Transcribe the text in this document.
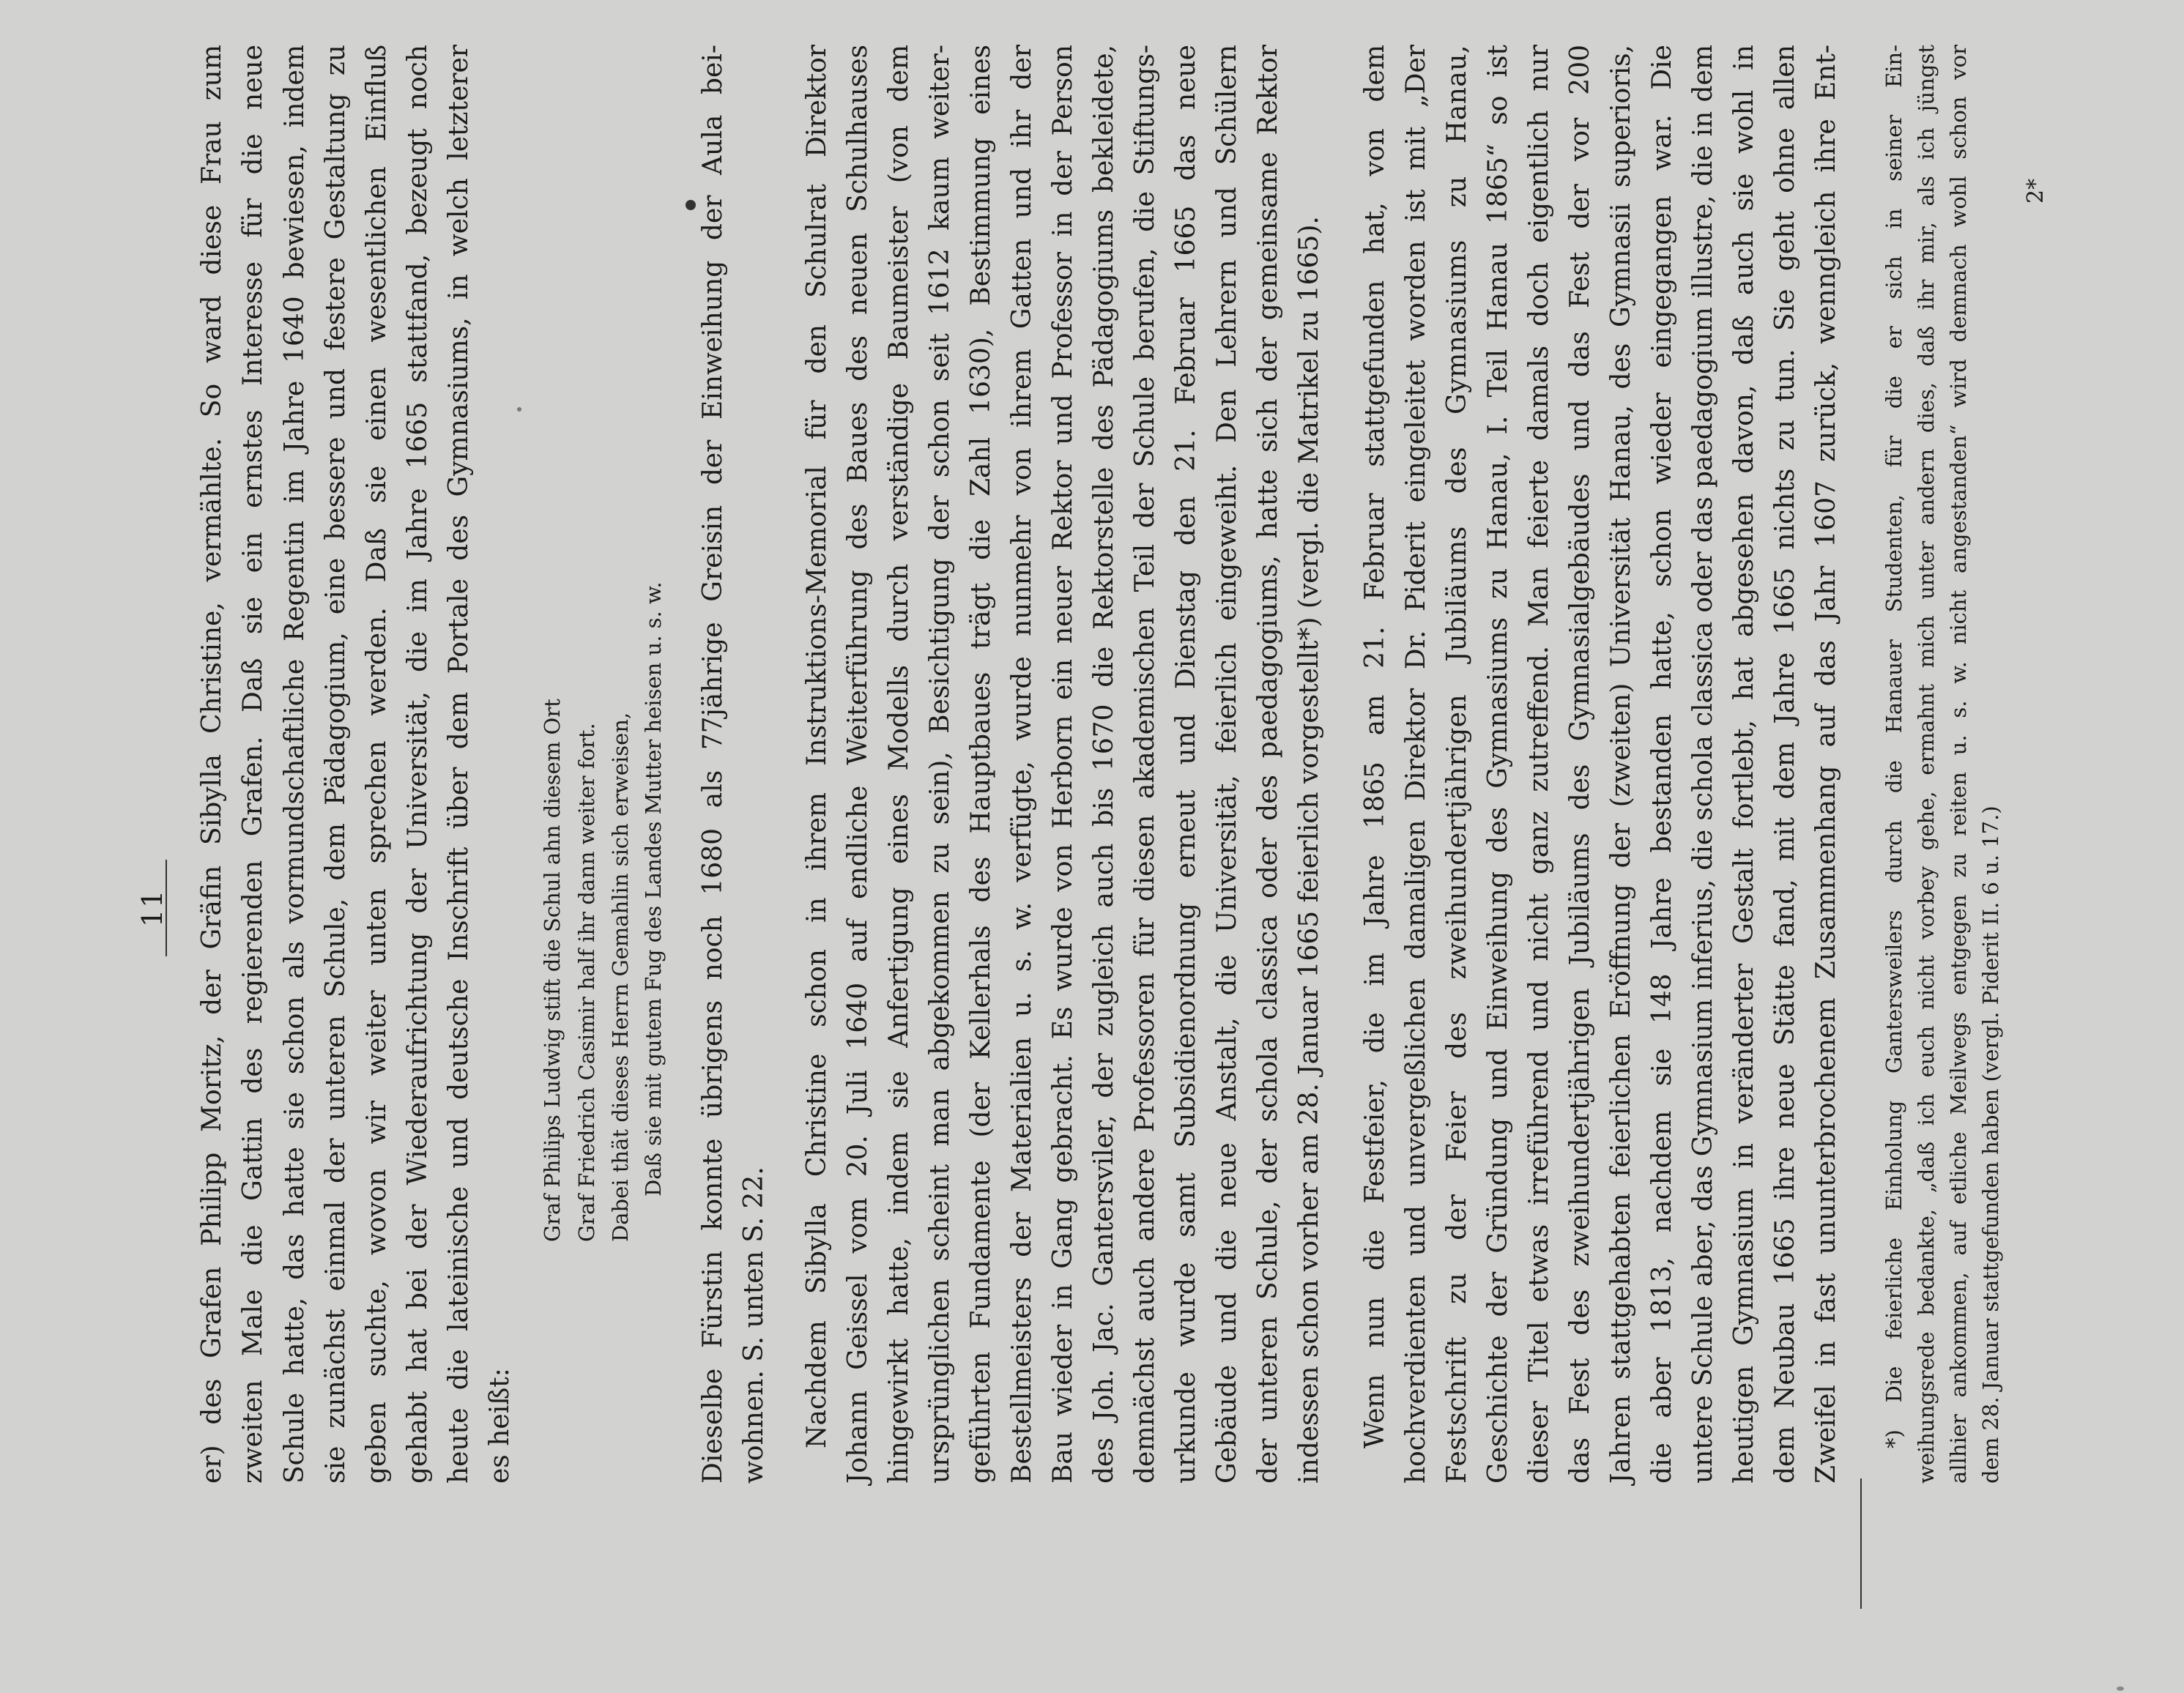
11 er) des Grafen Philipp Moritz, der Gräfin Sibylla Christine, vermählte. So ward diese Frau zum zweiten Male die Gattin des regierenden Grafen. Daß sie ein ernstes Interesse für die neue Schule hatte, das hatte sie schon als vormundschaftliche Regentin im Jahre 1640 bewiesen, indem sie zunächst einmal der unteren Schule, dem Pädagogium, eine bessere und festere Gestaltung zu geben suchte, wovon wir weiter unten sprechen werden. Daß sie einen wesentlichen Einfluß gehabt hat bei der Wiederaufrichtung der Universität, die im Jahre 1665 stattfand, bezeugt noch heute die lateinische und deutsche Inschrift über dem Portale des Gymnasiums, in welch letzterer es heißt:
Graf Philips Ludwig stift die Schul ahn diesem Ort Graf Friedrich Casimir half ihr dann weiter fort. Dabei thät dieses Herrn Gemahlin sich erweisen, Daß sie mit gutem Fug des Landes Mutter heisen u. s. w. Dieselbe Fürstin konnte übrigens noch 1680 als 77jährige Greisin der Einweihung der Aula bei- wohnen. S. unten S. 22. Nachdem Sibylla Christine schon in ihrem Instruktions-Memorial für den Schulrat Direktor Johann Geissel vom 20. Juli 1640 auf endliche Weiterführung des Baues des neuen Schulhauses hingewirkt hatte, indem sie Anfertigung eines Modells durch verständige Baumeister (von dem ursprünglichen scheint man abgekommen zu sein), Besichtigung der schon seit 1612 kaum weiter- geführten Fundamente (der Kellerhals des Hauptbaues trägt die Zahl 1630), Bestimmung eines Bestellmeisters der Materialien u. s. w. verfügte, wurde nunmehr von ihrem Gatten und ihr der Bau wieder in Gang gebracht. Es wurde von Herborn ein neuer Rektor und Professor in der Person des Joh. Jac. Gantersviler, der zugleich auch bis 1670 die Rektorstelle des Pädagogiums bekleidete, demnächst auch andere Professoren für diesen akademischen Teil der Schule berufen, die Stiftungs- urkunde wurde samt Subsidienordnung erneut und Dienstag den 21. Februar 1665 das neue Gebäude und die neue Anstalt, die Universität, feierlich eingeweiht. Den Lehrern und Schülern der unteren Schule, der schola classica oder des paedagogiums, hatte sich der gemeinsame Rektor indessen schon vorher am 28. Januar 1665 feierlich vorgestellt*) (vergl. die Matrikel zu 1665). Wenn nun die Festfeier, die im Jahre 1865 am 21. Februar stattgefunden hat, von dem hochverdienten und unvergeßlichen damaligen Direktor Dr. Piderit eingeleitet worden ist mit „Der Festschrift zu der Feier des zweihundertjährigen Jubiläums des Gymnasiums zu Hanau, Geschichte der Gründung und Einweihung des Gymnasiums zu Hanau, I. Teil Hanau 1865“ so ist dieser Titel etwas irreführend und nicht ganz zutreffend. Man feierte damals doch eigentlich nur das Fest des zweihundertjährigen Jubiläums des Gymnasialgebäudes und das Fest der vor 200 Jahren stattgehabten feierlichen Eröffnung der (zweiten) Universität Hanau, des Gymnasii superioris, die aber 1813, nachdem sie 148 Jahre bestanden hatte, schon wieder eingegangen war. Die untere Schule aber, das Gymnasium inferius, die schola classica oder das paedagogium illustre, die in dem heutigen Gymnasium in veränderter Gestalt fortlebt, hat abgesehen davon, daß auch sie wohl in dem Neubau 1665 ihre neue Stätte fand, mit dem Jahre 1665 nichts zu tun. Sie geht ohne allen Zweifel in fast ununterbrochenem Zusammenhang auf das Jahr 1607 zurück, wenngleich ihre Ent- *) Die feierliche Einholung Gantersweilers durch die Hanauer Studenten, für die er sich in seiner Ein- weihungsrede bedankte, „daß ich euch nicht vorbey gehe, ermahnt mich unter andern dies, daß ihr mir, als ich jüngst allhier ankommen, auf etliche Meilwegs entgegen zu reiten u. s. w. nicht angestanden“ wird demnach wohl schon vor dem 28. Januar stattgefunden haben (vergl. Piderit II. 6 u. 17.)
2*
